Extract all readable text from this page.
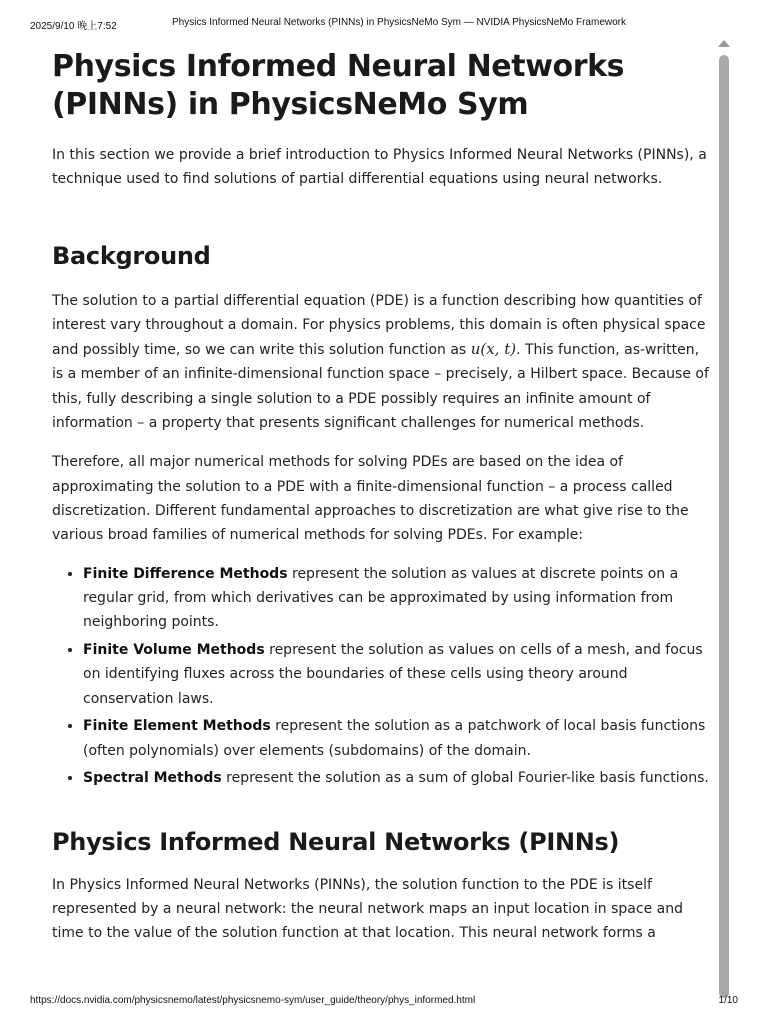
2025/9/10 晚上7:52	Physics Informed Neural Networks (PINNs) in PhysicsNeMo Sym — NVIDIA PhysicsNeMo Framework
Physics Informed Neural Networks (PINNs) in PhysicsNeMo Sym

In this section we provide a brief introduction to Physics Informed Neural Networks (PINNs), a technique used to find solutions of partial differential equations using neural networks.

Background

The solution to a partial differential equation (PDE) is a function describing how quantities of interest vary throughout a domain. For physics problems, this domain is often physical space and possibly time, so we can write this solution function as u(x, t). This function, as-written, is a member of an infinite-dimensional function space – precisely, a Hilbert space. Because of this, fully describing a single solution to a PDE possibly requires an infinite amount of information – a property that presents significant challenges for numerical methods.

Therefore, all major numerical methods for solving PDEs are based on the idea of approximating the solution to a PDE with a finite-dimensional function – a process called discretization. Different fundamental approaches to discretization are what give rise to the various broad families of numerical methods for solving PDEs. For example:

• Finite Difference Methods represent the solution as values at discrete points on a regular grid, from which derivatives can be approximated by using information from neighboring points.
• Finite Volume Methods represent the solution as values on cells of a mesh, and focus on identifying fluxes across the boundaries of these cells using theory around conservation laws.
• Finite Element Methods represent the solution as a patchwork of local basis functions (often polynomials) over elements (subdomains) of the domain.
• Spectral Methods represent the solution as a sum of global Fourier-like basis functions.
Physics Informed Neural Networks (PINNs)

In Physics Informed Neural Networks (PINNs), the solution function to the PDE is itself represented by a neural network: the neural network maps an input location in space and time to the value of the solution function at that location. This neural network forms a

https://docs.nvidia.com/physicsnemo/latest/physicsnemo-sym/user_guide/theory/phys_informed.html	1/10
